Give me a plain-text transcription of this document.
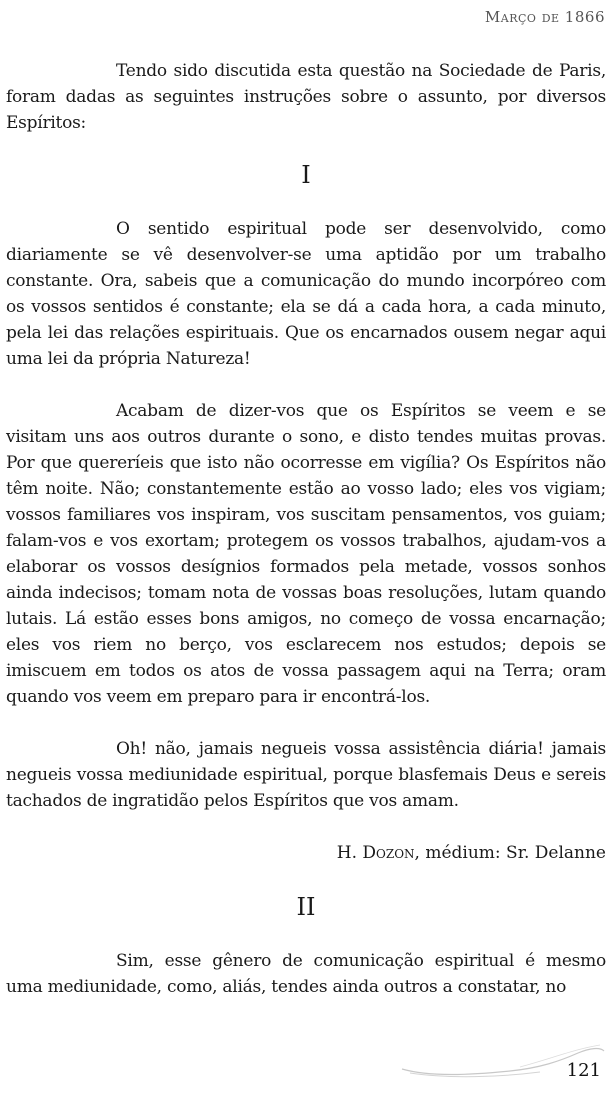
Março de 1866

Tendo sido discutida esta questão na Sociedade de Paris, foram dadas as seguintes instruções sobre o assunto, por diversos Espíritos:

I

O sentido espiritual pode ser desenvolvido, como diariamente se vê desenvolver-se uma aptidão por um trabalho constante. Ora, sabeis que a comunicação do mundo incorpóreo com os vossos sentidos é constante; ela se dá a cada hora, a cada minuto, pela lei das relações espirituais. Que os encarnados ousem negar aqui uma lei da própria Natureza!

Acabam de dizer-vos que os Espíritos se veem e se visitam uns aos outros durante o sono, e disto tendes muitas provas. Por que quereríeis que isto não ocorresse em vigília? Os Espíritos não têm noite. Não; constantemente estão ao vosso lado; eles vos vigiam; vossos familiares vos inspiram, vos suscitam pensamentos, vos guiam; falam-vos e vos exortam; protegem os vossos trabalhos, ajudam-vos a elaborar os vossos desígnios formados pela metade, vossos sonhos ainda indecisos; tomam nota de vossas boas resoluções, lutam quando lutais. Lá estão esses bons amigos, no começo de vossa encarnação; eles vos riem no berço, vos esclarecem nos estudos; depois se imiscuem em todos os atos de vossa passagem aqui na Terra; oram quando vos veem em preparo para ir encontrá-los.

Oh! não, jamais negueis vossa assistência diária! jamais negueis vossa mediunidade espiritual, porque blasfemais Deus e sereis tachados de ingratidão pelos Espíritos que vos amam.

H. Dozon, médium: Sr. Delanne
II

Sim, esse gênero de comunicação espiritual é mesmo uma mediunidade, como, aliás, tendes ainda outros a constatar, no

121
